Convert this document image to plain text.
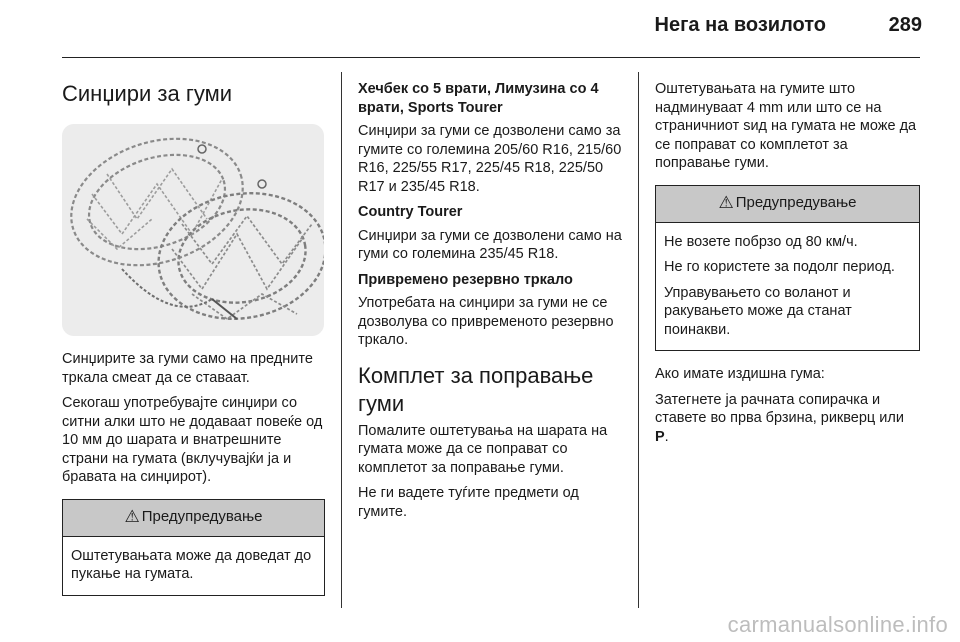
Нега на возилото	289
Синџири за гуми

Синџирите за гуми само на предните тркала смеат да се ставаат.

Секогаш употребувајте синџири со ситни алки што не додаваат повеќе од 10 мм до шарата и внатрешните страни на гумата (вклучувајќи ја и бравата на синџирот).

⚠ Предупредување

Оштетувањата може да доведат до пукање на гумата.

Хечбек со 5 врати, Лимузина со 4 врати, Sports Tourer

Синџири за гуми се дозволени само за гумите со големина 205/60 R16, 215/60 R16, 225/55 R17, 225/45 R18, 225/50 R17 и 235/45 R18.

Country Tourer

Синџири за гуми се дозволени само на гуми со големина 235/45 R18.

Привремено резервно тркало

Употребата на синџири за гуми не се дозволува со привременото резервно тркало.

Комплет за поправање гуми

Помалите оштетувања на шарата на гумата може да се поправат со комплетот за поправање гуми.

Не ги вадете туѓите предмети од гумите.

Оштетувањата на гумите што надминуваат 4 mm или што се на страничниот ѕид на гумата не може да се поправат со комплетот за поправање гуми.

⚠ Предупредување

Не возете побрзо од 80 км/ч.

Не го користете за подолг период.

Управувањето со воланот и ракувањето може да станат поинакви.

Ако имате издишна гума:

Затегнете ја рачната сопирачка и ставете во прва брзина, рикверц или P.

carmanualsonline.info
